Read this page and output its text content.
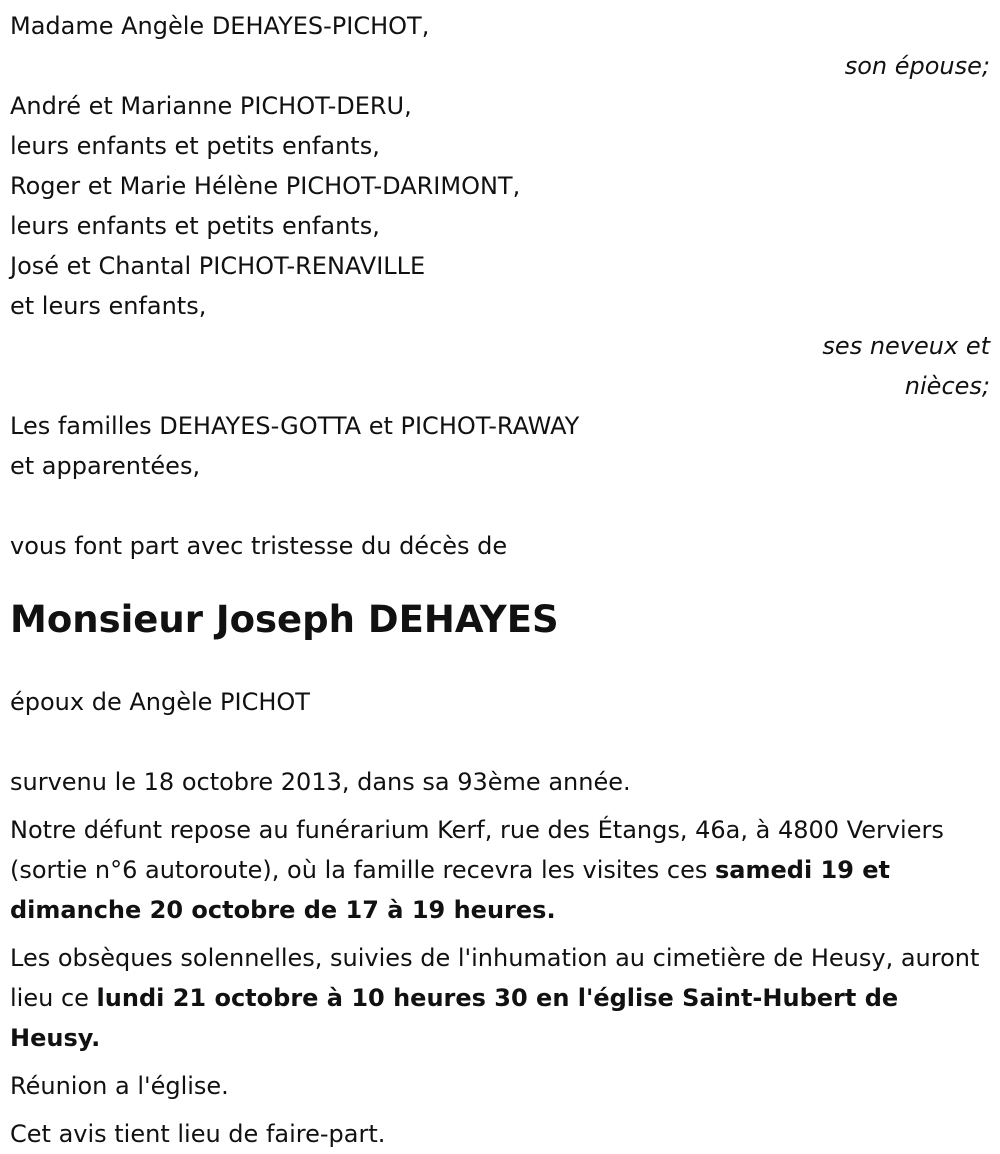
Madame Angèle DEHAYES-PICHOT,
son épouse;
André et Marianne PICHOT-DERU,
leurs enfants et petits enfants,
Roger et Marie Hélène PICHOT-DARIMONT,
leurs enfants et petits enfants,
José et Chantal PICHOT-RENAVILLE
et leurs enfants,
ses neveux et
nièces;
Les familles DEHAYES-GOTTA et PICHOT-RAWAY
et apparentées,
vous font part avec tristesse du décès de
Monsieur Joseph DEHAYES
époux de Angèle PICHOT
survenu le 18 octobre 2013, dans sa 93ème année.

Notre défunt repose au funérarium Kerf, rue des Étangs, 46a, à 4800 Verviers (sortie n°6 autoroute), où la famille recevra les visites ces samedi 19 et dimanche 20 octobre de 17 à 19 heures.

Les obsèques solennelles, suivies de l'inhumation au cimetière de Heusy, auront lieu ce lundi 21 octobre à 10 heures 30 en l'église Saint-Hubert de Heusy.

Réunion a l'église.
Cet avis tient lieu de faire-part.
